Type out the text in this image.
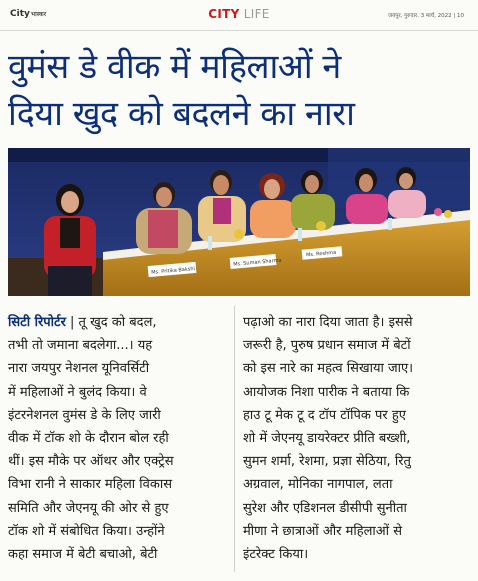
Cityभास्कर	CITY LIFE	जयपुर, गुरुवार, 3 मार्च, 2022 | 10
वुमंस डे वीक में महिलाओं ने
दिया खुद को बदलने का नारा
Ms. Pritika Bakshi
Ms. Suman Sharma
Ms. Reshma
सिटी रिपोर्टर | तू खुद को बदल,
तभी तो जमाना बदलेगा...। यह
नारा जयपुर नेशनल यूनिवर्सिटी
में महिलाओं ने बुलंद किया। वे
इंटरनेशनल वुमंस डे के लिए जारी
वीक में टॉक शो के दौरान बोल रही
थीं। इस मौके पर ऑथर और एक्ट्रेस
विभा रानी ने साकार महिला विकास
समिति और जेएनयू की ओर से हुए
टॉक शो में संबोधित किया। उन्होंने
कहा समाज में बेटी बचाओ, बेटी
पढ़ाओ का नारा दिया जाता है। इससे
जरूरी है, पुरुष प्रधान समाज में बेटों
को इस नारे का महत्व सिखाया जाए।
आयोजक निशा पारीक ने बताया कि
हाउ टू मेक टू द टॉप टॉपिक पर हुए
शो में जेएनयू डायरेक्टर प्रीति बख्शी,
सुमन शर्मा, रेशमा, प्रज्ञा सेठिया, रितु
अग्रवाल, मोनिका नागपाल, लता
सुरेश और एडिशनल डीसीपी सुनीता
मीणा ने छात्राओं और महिलाओं से
इंटरेक्ट किया।
